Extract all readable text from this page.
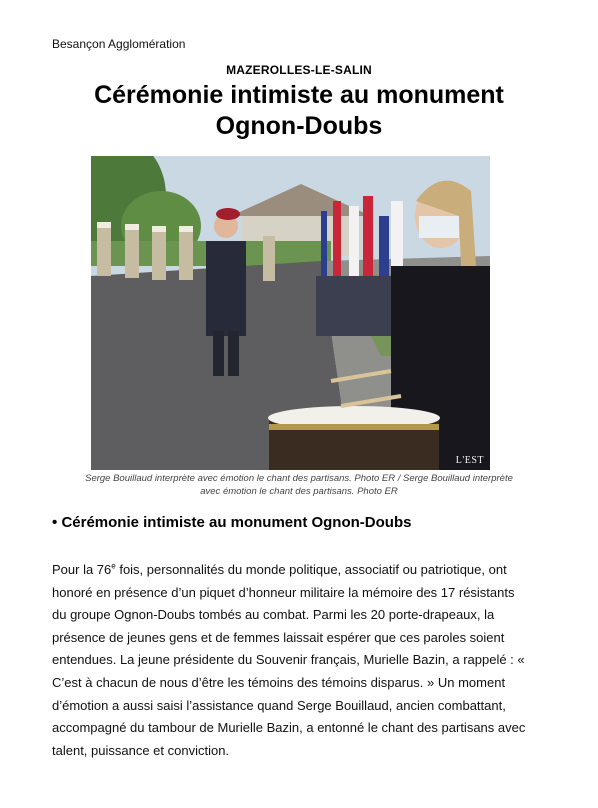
Besançon Agglomération
MAZEROLLES-LE-SALIN
Cérémonie intimiste au monument
Ognon-Doubs
L'EST
Serge Bouillaud interprète avec émotion le chant des partisans. Photo ER / Serge Bouillaud interprète
avec émotion le chant des partisans. Photo ER
• Cérémonie intimiste au monument Ognon-Doubs

Pour la 76e fois, personnalités du monde politique, associatif ou patriotique, ont honoré en présence d’un piquet d’honneur militaire la mémoire des 17 résistants du groupe Ognon-Doubs tombés au combat. Parmi les 20 porte-drapeaux, la présence de jeunes gens et de femmes laissait espérer que ces paroles soient entendues. La jeune présidente du Souvenir français, Murielle Bazin, a rappelé : « C’est à chacun de nous d’être les témoins des témoins disparus. » Un moment d’émotion a aussi saisi l’assistance quand Serge Bouillaud, ancien combattant, accompagné du tambour de Murielle Bazin, a entonné le chant des partisans avec talent, puissance et conviction.
